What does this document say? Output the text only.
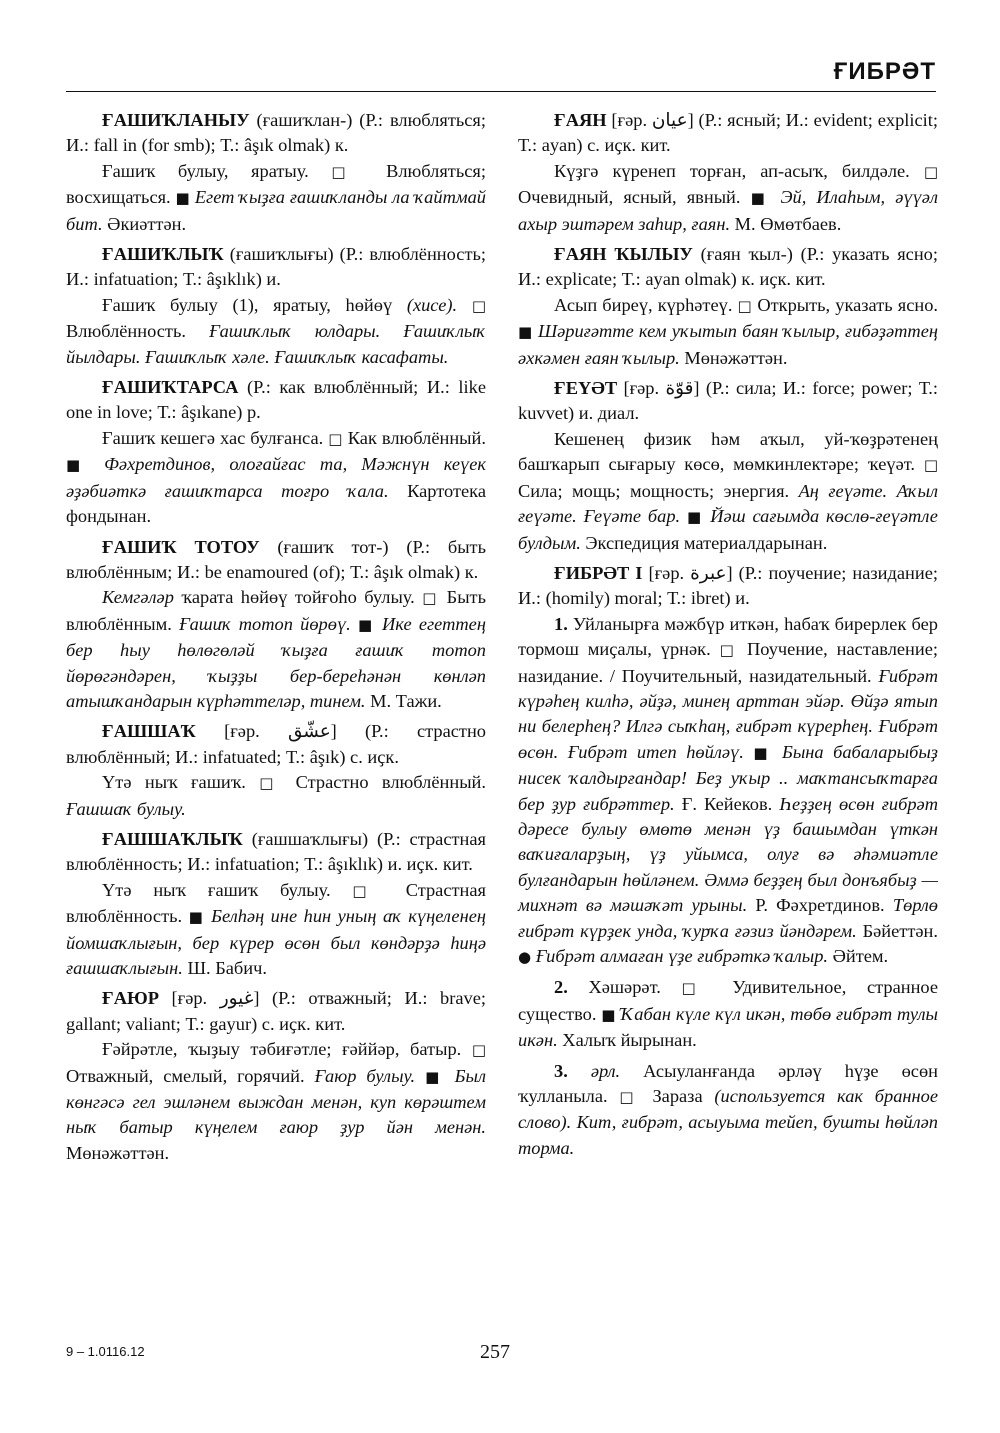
ҒИБРӘТ

ҒАШИҠЛАНЫУ (ғашиҡлан-) (Р.: влюбляться; И.: fall in (for smb); Т.: âşık olmak) к.

Ғашиҡ булыу, яратыу. □ Влюбляться; восхищаться. ■ Егет ҡыҙға ғашиҡланды ла ҡайтмай бит. Әкиәттән.

ҒАШИҠЛЫҠ (ғашиҡлығы) (Р.: влюблённость; И.: infatuation; Т.: âşıklık) и.

Ғашиҡ булыу (1), яратыу, һөйөү (хисе). □ Влюблённость. Ғашиҡлыҡ юлдары. Ғашиҡлыҡ йылдары. Ғашиҡлыҡ хәле. Ғашиҡлыҡ касафаты.

ҒАШИҠТАРСА (Р.: как влюблённый; И.: like one in love; Т.: âşıkane) р.

Ғашиҡ кешегә хас булғанса. □ Как влюблённый. ■ Фәхретдинов, олоғайғас та, Мәжнүн кеүек әҙәбиәткә ғашиҡтарса тоғро ҡала. Картотека фондынан.

ҒАШИҠ ТОТОУ (ғашиҡ тот-) (Р.: быть влюблённым; И.: be enamoured (of); Т.: âşık olmak) к.

Кемгәләр ҡарата һөйөү тойғоһо булыу. □ Быть влюблённым. Ғашиҡ тотоп йөрөү. ■ Ике егеттең бер һыу һөлөгөләй ҡыҙға ғашиҡ тотоп йөрөгәндәрен, ҡыҙҙы бер-береһәнән көнләп атышҡандарын күрһәттеләр, тинем. М. Тажи.

ҒАШШАҠ [ғәр. عشّق] (Р.: страстно влюблённый; И.: infatuated; Т.: âşık) с. иҫк.

Үтә ныҡ ғашиҡ. □ Страстно влюблённый. Ғашшаҡ булыу.

ҒАШШАҠЛЫҠ (ғашшаҡлығы) (Р.: страстная влюблённость; И.: infatuation; Т.: âşıklık) и. иҫк. кит.

Үтә ныҡ ғашиҡ булыу. □ Страстная влюблённость. ■ Белһәң ине һин уның аҡ күңеленең йомшаҡлығын, бер күрер өсөн был көндәрҙә һиңә ғашшаҡлығын. Ш. Бабич.

ҒАЮР [ғәр. غيور] (Р.: отважный; И.: brave; gallant; valiant; Т.: gayur) с. иҫк. кит.

Ғәйрәтле, ҡыҙыу тәбиғәтле; ғәййәр, батыр. □ Отважный, смелый, горячий. Ғаюр булыу. ■ Был көнгәсә гел эшләнем выждан менән, куп көрәштем ныҡ батыр күңелем ғаюр ҙур йән менән. Мөнәжәттән.

ҒАЯН [ғәр. عيان] (Р.: ясный; И.: evident; explicit; Т.: ayan) с. иҫк. кит.

Күҙгә күренеп торған, ап-асыҡ, билдәле. □ Очевидный, ясный, явный. ■ Эй, Илаһым, әүүәл ахыр эштәрем заһир, ғаян. М. Өмөтбаев.

ҒАЯН ҠЫЛЫУ (ғаян ҡыл-) (Р.: указать ясно; И.: explicate; Т.: ayan olmak) к. иҫк. кит.

Асып биреү, күрһәтеү. □ Открыть, указать ясно. ■ Шәриғәтте кем уҡытып баян ҡылыр, ғибәҙәттең әхкәмен ғаян ҡылыр. Мөнәжәттән.

ҒЕҮӘТ [ғәр. قوّة] (Р.: сила; И.: force; power; Т.: kuvvet) и. диал.

Кешенең физик һәм аҡыл, уй-ҡөҙрәтенең башҡарып сығарыу көсө, мөмкинлектәре; ҡеүәт. □ Сила; мощь; мощность; энергия. Аң ғеүәте. Аҡыл ғеүәте. Ғеүәте бар. ■ Йәш сағымда көслө-ғеүәтле булдым. Экспедиция материалдарынан.

ҒИБРӘТ I [ғәр. عبرة] (Р.: поучение; назидание; И.: (homily) moral; Т.: ibret) и.

1. Уйланырға мәжбүр иткән, һабаҡ бирерлек бер тормош миҫалы, үрнәк. □ Поучение, наставление; назидание. / Поучительный, назидательный. Ғибрәт күрәһең килһә, әйҙә, минең арттан эйәр. Өйҙә ятып ни белерһең? Илгә сыҡһаң, ғибрәт күрерһең. Ғибрәт өсөн. Ғибрәт итеп һөйләү. ■ Бына бабаларыбыҙ нисек ҡалдырғандар! Беҙ уҡыр .. маҡтансыҡтарға бер ҙур ғибрәттер. Ғ. Кейеков. Һеҙҙең өсөн ғибрәт дәресе булыу өмөтө менән үҙ башымдан үткән ваҡиғаларҙың, үҙ уйымса, олуғ вә әһәмиәтле булғандарын һөйләнем. Әммә беҙҙең был донъябыҙ — михнәт вә мәшәҡәт урыны. Р. Фәхретдинов. Төрлө ғибрәт күрҙек унда, ҡурҡа ғәзиз йәндәрем. Бәйеттән. ● Ғибрәт алмаған үҙе ғибрәткә ҡалыр. Әйтем.

2. Хәшәрәт. □ Удивительное, странное существо. ■ Ҡабан күле күл икән, төбө ғибрәт тулы икән. Халыҡ йырынан.

3. әрл. Асыуланғанда әрләү һүҙе өсөн ҡулланыла. □ Зараза (используется как бранное слово). Кит, ғибрәт, асыуыма тейеп, бушты һөйләп торма.

9 – 1.0116.12	257
